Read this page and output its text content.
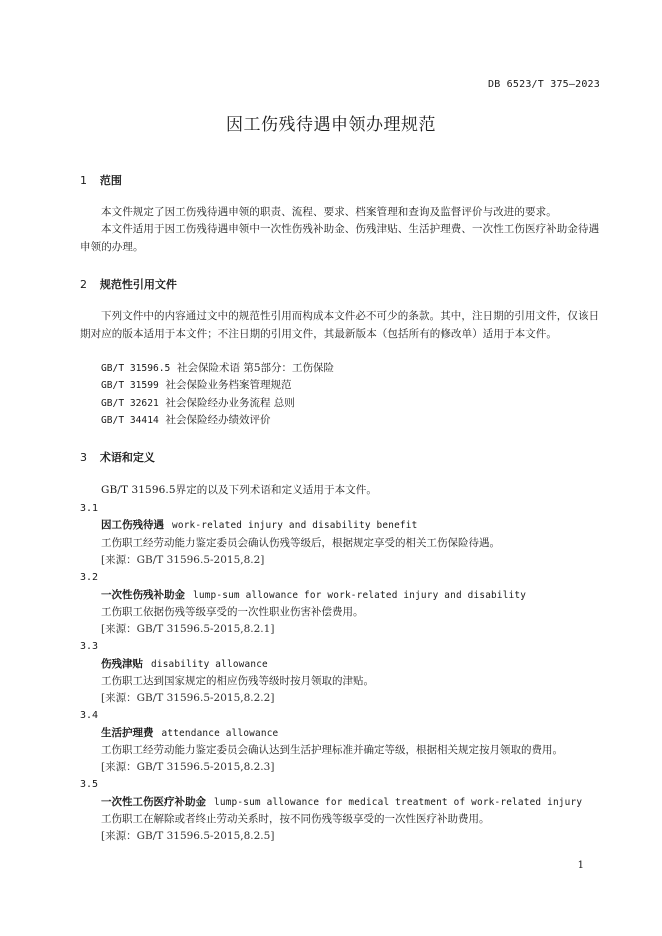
DB 6523/T 375—2023
因工伤残待遇申领办理规范
1 范围
本文件规定了因工伤残待遇申领的职责、流程、要求、档案管理和查询及监督评价与改进的要求。
本文件适用于因工伤残待遇申领中一次性伤残补助金、伤残津贴、生活护理费、一次性工伤医疗补助金待遇申领的办理。
2 规范性引用文件
下列文件中的内容通过文中的规范性引用而构成本文件必不可少的条款。其中，注日期的引用文件，仅该日期对应的版本适用于本文件；不注日期的引用文件，其最新版本（包括所有的修改单）适用于本文件。
GB/T 31596.5 社会保险术语 第5部分：工伤保险
GB/T 31599 社会保险业务档案管理规范
GB/T 32621 社会保险经办业务流程 总则
GB/T 34414 社会保险经办绩效评价
3 术语和定义
GB/T 31596.5界定的以及下列术语和定义适用于本文件。
3.1
因工伤残待遇 work-related injury and disability benefit
工伤职工经劳动能力鉴定委员会确认伤残等级后，根据规定享受的相关工伤保险待遇。
[来源：GB/T 31596.5-2015,8.2]
3.2
一次性伤残补助金 lump-sum allowance for work-related injury and disability
工伤职工依据伤残等级享受的一次性职业伤害补偿费用。
[来源：GB/T 31596.5-2015,8.2.1]
3.3
伤残津贴 disability allowance
工伤职工达到国家规定的相应伤残等级时按月领取的津贴。
[来源：GB/T 31596.5-2015,8.2.2]
3.4
生活护理费 attendance allowance
工伤职工经劳动能力鉴定委员会确认达到生活护理标准并确定等级，根据相关规定按月领取的费用。
[来源：GB/T 31596.5-2015,8.2.3]
3.5
一次性工伤医疗补助金 lump-sum allowance for medical treatment of work-related injury
工伤职工在解除或者终止劳动关系时，按不同伤残等级享受的一次性医疗补助费用。
[来源：GB/T 31596.5-2015,8.2.5]
1
